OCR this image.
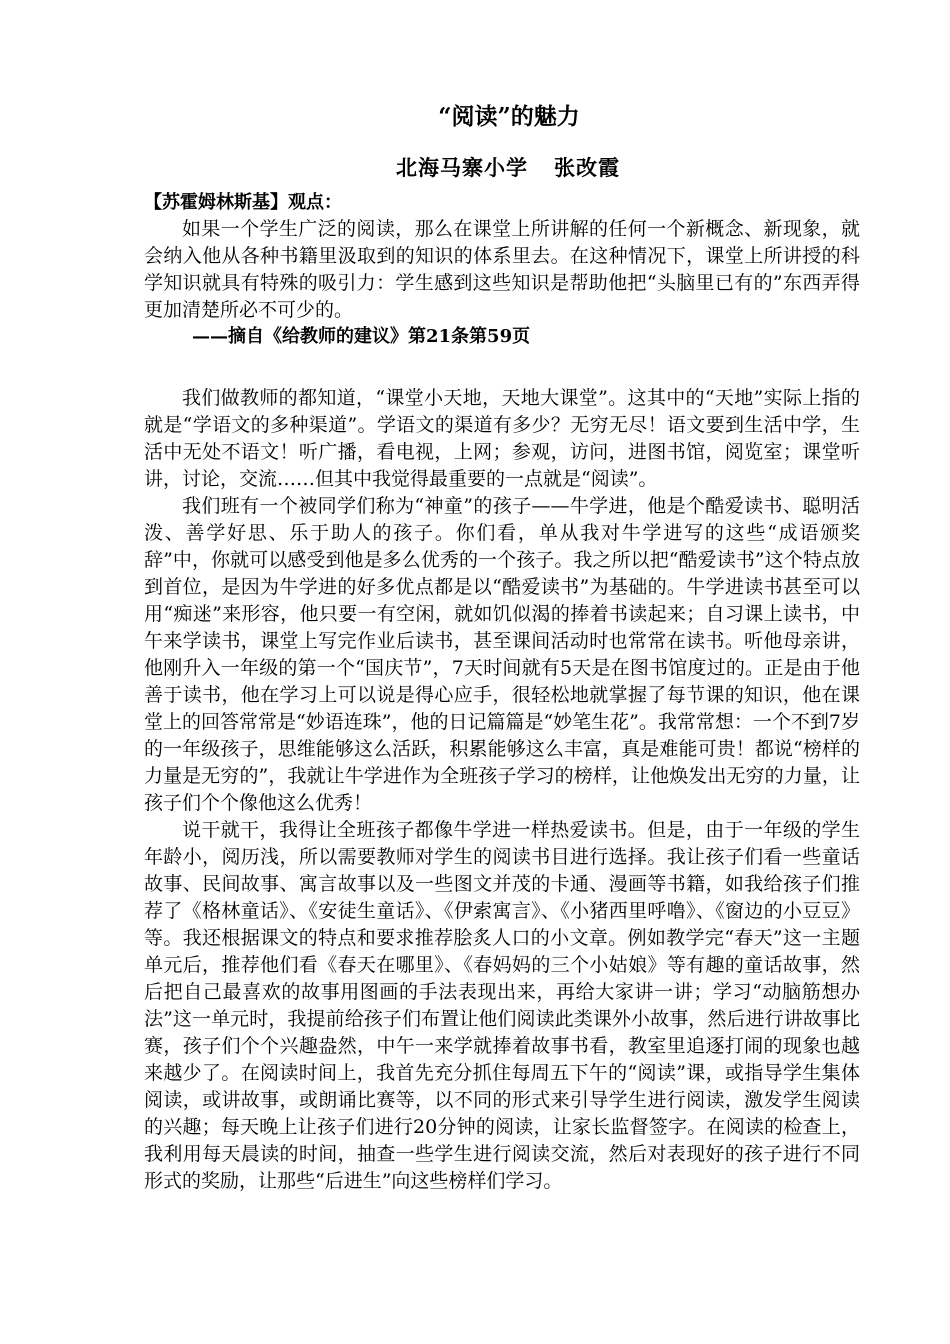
“阅读”的魅力
北海马寨小学 张改霞
【苏霍姆林斯基】观点：

如果一个学生广泛的阅读，那么在课堂上所讲解的任何一个新概念、新现象，就会纳入他从各种书籍里汲取到的知识的体系里去。在这种情况下，课堂上所讲授的科学知识就具有特殊的吸引力：学生感到这些知识是帮助他把“头脑里已有的”东西弄得更加清楚所必不可少的。

——摘自《给教师的建议》第21条第59页

我们做教师的都知道，“课堂小天地，天地大课堂”。这其中的“天地”实际上指的就是“学语文的多种渠道”。学语文的渠道有多少？无穷无尽！语文要到生活中学，生活中无处不语文！听广播，看电视，上网；参观，访问，进图书馆，阅览室；课堂听讲，讨论，交流……但其中我觉得最重要的一点就是“阅读”。

我们班有一个被同学们称为“神童”的孩子——牛学进，他是个酷爱读书、聪明活泼、善学好思、乐于助人的孩子。你们看，单从我对牛学进写的这些“成语颁奖辞”中，你就可以感受到他是多么优秀的一个孩子。我之所以把“酷爱读书”这个特点放到首位，是因为牛学进的好多优点都是以“酷爱读书”为基础的。牛学进读书甚至可以用“痴迷”来形容，他只要一有空闲，就如饥似渴的捧着书读起来；自习课上读书，中午来学读书，课堂上写完作业后读书，甚至课间活动时也常常在读书。听他母亲讲，他刚升入一年级的第一个“国庆节”，7天时间就有5天是在图书馆度过的。正是由于他善于读书，他在学习上可以说是得心应手，很轻松地就掌握了每节课的知识，他在课堂上的回答常常是“妙语连珠”，他的日记篇篇是“妙笔生花”。我常常想：一个不到7岁的一年级孩子，思维能够这么活跃，积累能够这么丰富，真是难能可贵！都说“榜样的力量是无穷的”，我就让牛学进作为全班孩子学习的榜样，让他焕发出无穷的力量，让孩子们个个像他这么优秀！

说干就干，我得让全班孩子都像牛学进一样热爱读书。但是，由于一年级的学生年龄小，阅历浅，所以需要教师对学生的阅读书目进行选择。我让孩子们看一些童话故事、民间故事、寓言故事以及一些图文并茂的卡通、漫画等书籍，如我给孩子们推荐了《格林童话》、《安徒生童话》、《伊索寓言》、《小猪西里呼噜》、《窗边的小豆豆》等。我还根据课文的特点和要求推荐脍炙人口的小文章。例如教学完“春天”这一主题单元后，推荐他们看《春天在哪里》、《春妈妈的三个小姑娘》等有趣的童话故事，然后把自己最喜欢的故事用图画的手法表现出来，再给大家讲一讲；学习“动脑筋想办法”这一单元时，我提前给孩子们布置让他们阅读此类课外小故事，然后进行讲故事比赛，孩子们个个兴趣盎然，中午一来学就捧着故事书看，教室里追逐打闹的现象也越来越少了。在阅读时间上，我首先充分抓住每周五下午的“阅读”课，或指导学生集体阅读，或讲故事，或朗诵比赛等，以不同的形式来引导学生进行阅读，激发学生阅读的兴趣；每天晚上让孩子们进行20分钟的阅读，让家长监督签字。在阅读的检查上，我利用每天晨读的时间，抽查一些学生进行阅读交流，然后对表现好的孩子进行不同形式的奖励，让那些“后进生”向这些榜样们学习。
